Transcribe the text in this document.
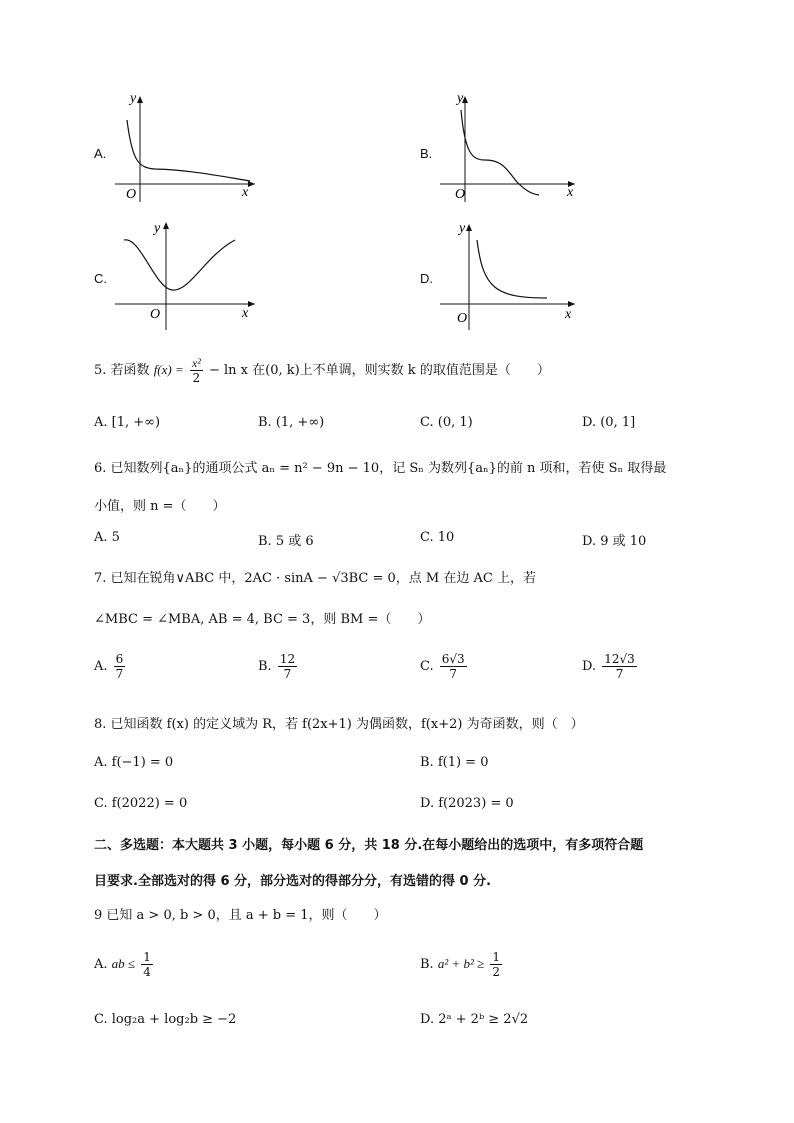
A.
y
x
O
B.
y
x
O
C.
y
x
O
D.
y
x
O
5. 若函数 $f(x) = \frac{\text{x²}}{2} - \ln x$ 在(0, k)上不单调，则实数 k 的取值范围是（　　）
A. [1, +∞)	B. (1, +∞)	C. (0, 1)	D. (0, 1]
6. 已知数列{aₙ}的通项公式 aₙ = n² − 9n − 10，记 Sₙ 为数列{aₙ}的前 n 项和，若使 Sₙ 取得最
小值，则 n =（　　）
A. 5	B. 5 或 6	C. 10	D. 9 或 10
7. 已知在锐角∨ABC 中，2AC · sinA − √3BC = 0，点 M 在边 AC 上，若
∠MBC = ∠MBA, AB = 4, BC = 3，则 BM =（　　）
A. $\frac{6}{7}$	B. $\frac{12}{7}$	C. $\frac{6√3}{7}$	D. $\frac{12√3}{7}$
8. 已知函数 f(x) 的定义域为 R，若 f(2x+1) 为偶函数，f(x+2) 为奇函数，则（　）
A. f(−1) = 0	B. f(1) = 0
C. f(2022) = 0	D. f(2023) = 0
二、多选题：本大题共 3 小题，每小题 6 分，共 18 分.在每小题给出的选项中，有多项符合题
目要求.全部选对的得 6 分，部分选对的得部分分，有选错的得 0 分.
9 已知 a > 0, b > 0，且 a + b = 1，则（　　）
A. ab ≤ $\frac{1}{4}$	B. $a^2 + b^2 \ge \frac{1}{2}$
C. log₂a + log₂b ≥ −2	D. 2ᵃ + 2ᵇ ≥ 2√2
